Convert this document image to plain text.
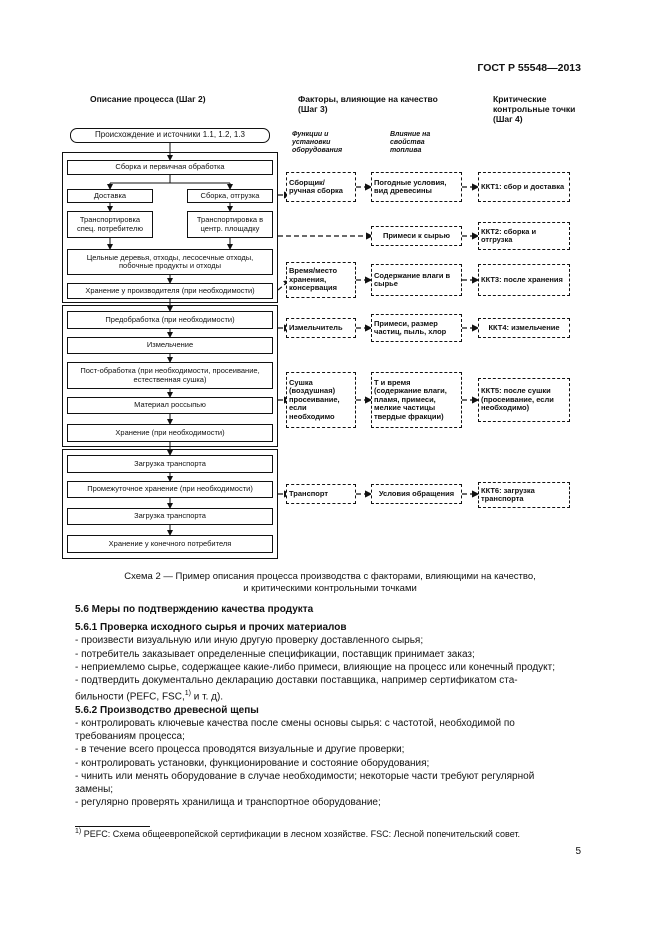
ГОСТ Р 55548—2013
Описание процесса (Шаг 2)	Факторы, влияющие на качество (Шаг 3)
Критические контрольные точки (Шаг 4)
Функции и установки оборудования
Влияние на свойства топлива
Происхождение и источники 1.1, 1.2, 1.3
Сборка и первичная обработка
Доставка	Сборка, отгрузка
Транспортировка спец. потребителю
Транспортировка в центр. площадку
Цельные деревья, отходы, лесосечные отходы, побочные продукты и отходы
Хранение у производителя (при необходимости)
Предобработка (при необходимости)
Измельчение
Пост-обработка (при необходимости, просеивание, естественная сушка)
Материал россыпью
Хранение (при необходимости)
Загрузка транспорта
Промежуточное хранение (при необходимости)
Загрузка транспорта
Хранение у конечного потребителя
Сборщик/ ручная сборка
Время/место хранения, консервация
Измельчитель
Сушка (воздушная) просеивание, если необходимо
Транспорт
Погодные условия, вид древесины
Примеси к сырью
Содержание влаги в сырье
Примеси, размер частиц, пыль, хлор
Т и время (содержание влаги, пламя, примеси, мелкие частицы твердые фракции)
Условия обращения
ККТ1: сбор и доставка
ККТ2: сборка и отгрузка
ККТ3: после хранения
ККТ4: измельчение
ККТ5: после сушки (просеивание, если необходимо)
ККТ6: загрузка транспорта
Схема 2 — Пример описания процесса производства с факторами, влияющими на качество,
и критическими контрольными точками
5.6 Меры по подтверждению качества продукта
5.6.1 Проверка исходного сырья и прочих материалов
- произвести визуальную или иную другую проверку доставленного сырья;
- потребитель заказывает определенные спецификации, поставщик принимает заказ;
- неприемлемо сырье, содержащее какие-либо примеси, влияющие на процесс или конечный продукт;
- подтвердить документально декларацию доставки поставщика, например сертификатом ста-
бильности (PEFC, FSC,$^{1)}$ и т. д).
5.6.2 Производство древесной щепы
- контролировать ключевые качества после смены основы сырья: с частотой, необходимой по
требованиям процесса;
- в течение всего процесса проводятся визуальные и другие проверки;
- контролировать установки, функционирование и состояние оборудования;
- чинить или менять оборудование в случае необходимости; некоторые части требуют регулярной
замены;
- регулярно проверять хранилища и транспортное оборудование;
$^{1)}$ PEFC: Схема общеевропейской сертификации в лесном хозяйстве. FSC: Лесной попечительский совет.
5
